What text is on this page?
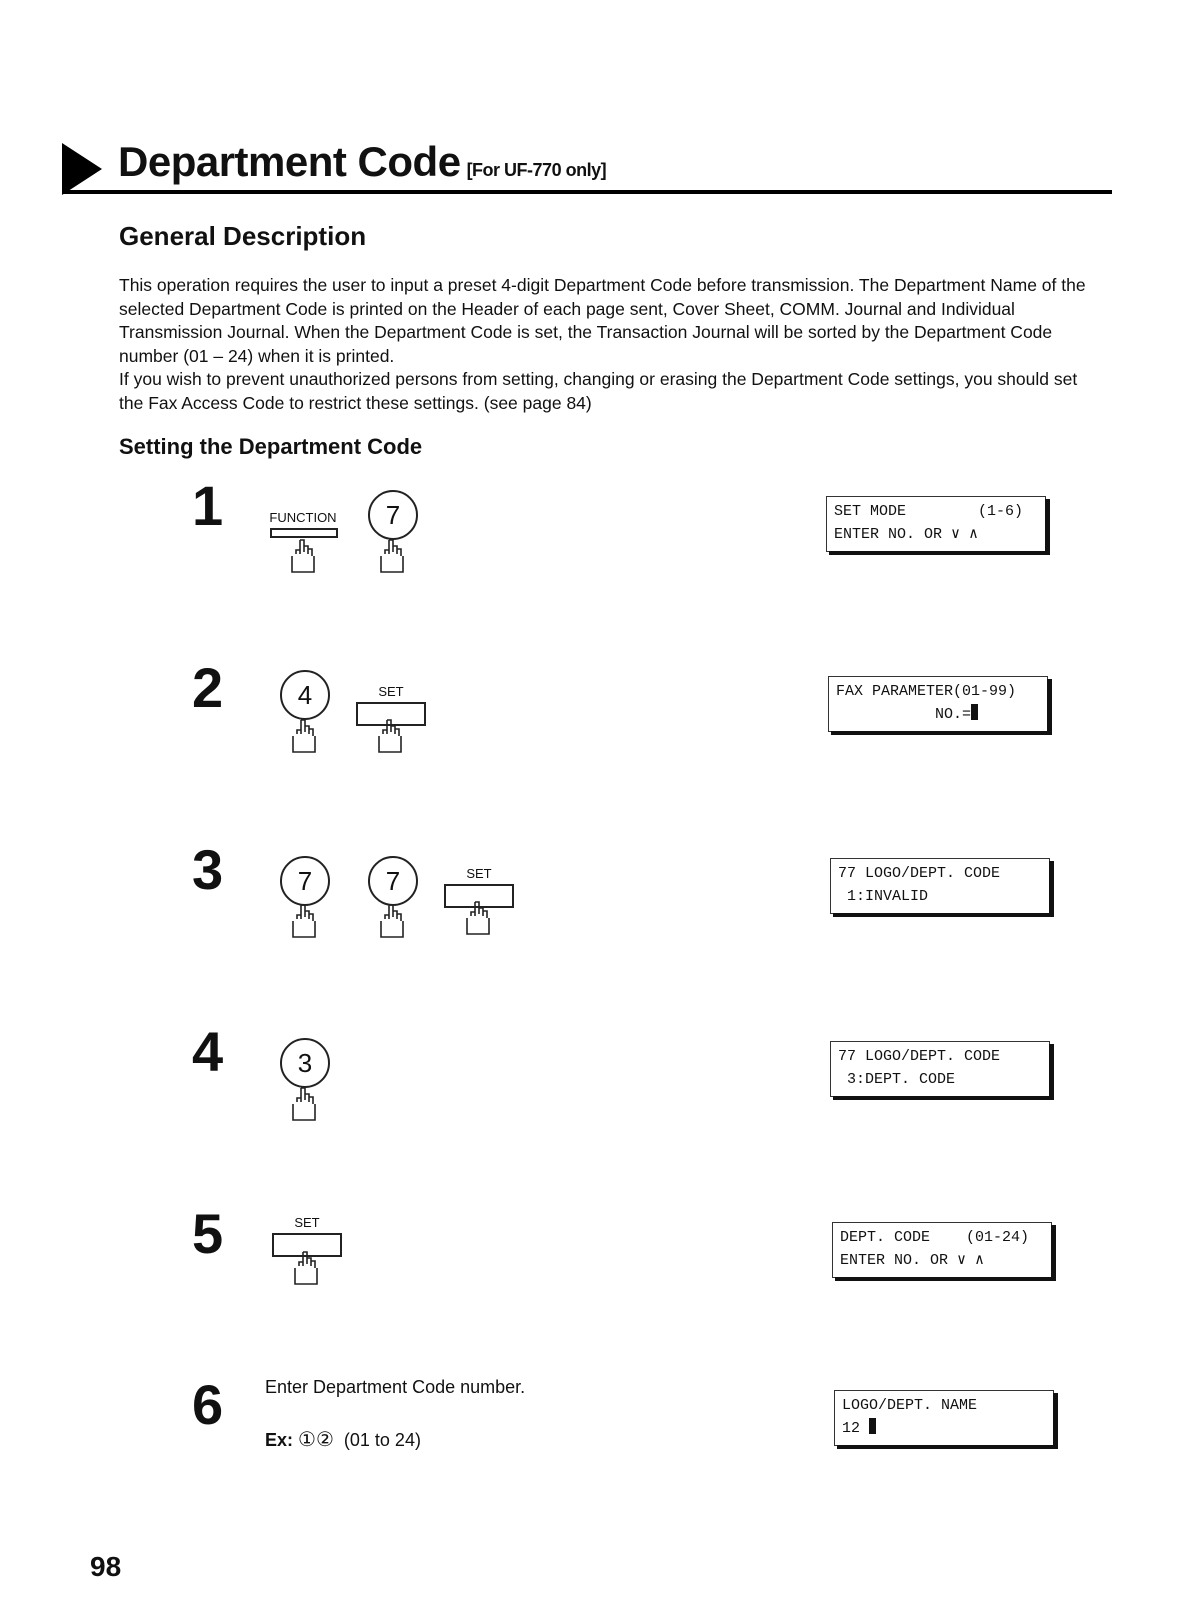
Department Code [For UF-770 only]
General Description

This operation requires the user to input a preset 4-digit Department Code before transmission. The Department Name of the selected Department Code is printed on the Header of each page sent, Cover Sheet, COMM. Journal and Individual Transmission Journal. When the Department Code is set, the Transaction Journal will be sorted by the Department Code number (01 – 24) when it is printed.

If you wish to prevent unauthorized persons from setting, changing or erasing the Department Code settings, you should set the Fax Access Code to restrict these settings. (see page 84)

Setting the Department Code
1	FUNCTION	7	SET MODE        (1-6)
ENTER NO. OR ∨ ∧
2	4	SET	FAX PARAMETER(01-99)
NO.=
3	7	7	SET	77 LOGO/DEPT. CODE
1:INVALID
4	3	77 LOGO/DEPT. CODE
3:DEPT. CODE
5	SET
DEPT. CODE    (01-24)
ENTER NO. OR ∨ ∧
6 Enter Department Code number.
Ex: ①② (01 to 24)
LOGO/DEPT. NAME
12
98
